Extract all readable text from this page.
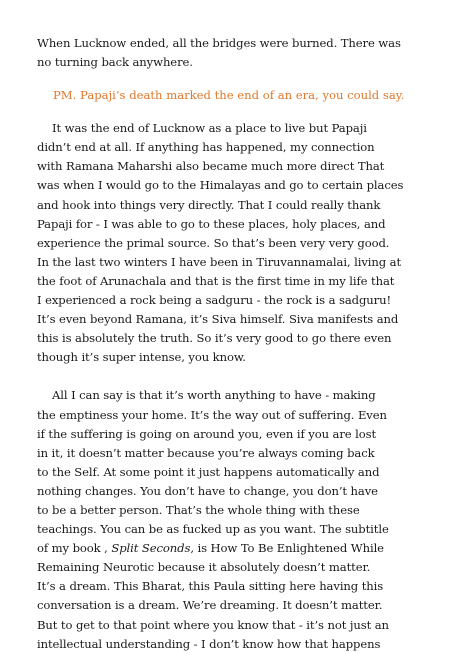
When Lucknow ended, all the bridges were burned. There was
no turning back anywhere.

PM. Papaji’s death marked the end of an era, you could say.

It was the end of Lucknow as a place to live but Papaji
didn’t end at all. If anything has happened, my connection
with Ramana Maharshi also became much more direct That
was when I would go to the Himalayas and go to certain places
and hook into things very directly. That I could really thank
Papaji for - I was able to go to these places, holy places, and
experience the primal source. So that’s been very very good.
In the last two winters I have been in Tiruvannamalai, living at
the foot of Arunachala and that is the first time in my life that
I experienced a rock being a sadguru - the rock is a sadguru!
It’s even beyond Ramana, it’s Siva himself. Siva manifests and
this is absolutely the truth. So it’s very good to go there even
though it’s super intense, you know.

All I can say is that it’s worth anything to have - making
the emptiness your home. It’s the way out of suffering. Even
if the suffering is going on around you, even if you are lost
in it, it doesn’t matter because you’re always coming back
to the Self. At some point it just happens automatically and
nothing changes. You don’t have to change, you don’t have
to be a better person. That’s the whole thing with these
teachings. You can be as fucked up as you want. The subtitle
of my book , Split Seconds, is How To Be Enlightened While
Remaining Neurotic because it absolutely doesn’t matter.
It’s a dream. This Bharat, this Paula sitting here having this
conversation is a dream. We’re dreaming. It doesn’t matter.
But to get to that point where you know that - it’s not just an
intellectual understanding - I don’t know how that happens
